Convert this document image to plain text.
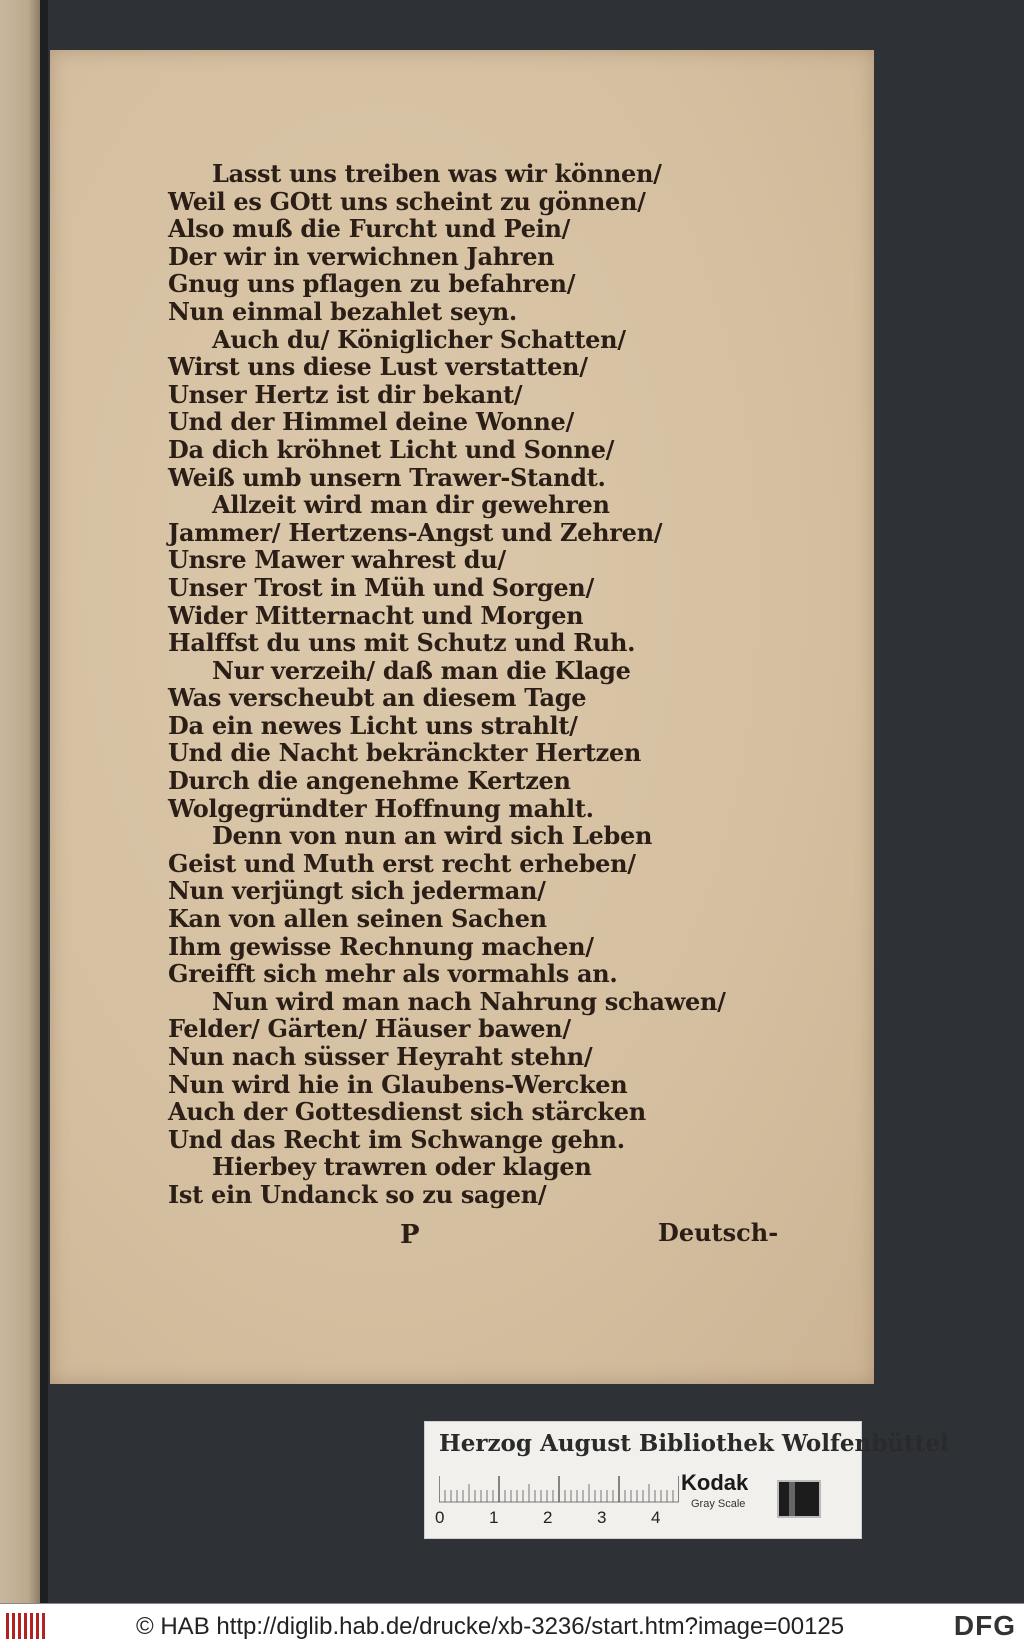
Lasst uns treiben was wir können/
Weil es GOtt uns scheint zu gönnen/
Also muß die Furcht und Pein/
Der wir in verwichnen Jahren
Gnug uns pflagen zu befahren/
Nun einmal bezahlet seyn.
Auch du/ Königlicher Schatten/
Wirst uns diese Lust verstatten/
Unser Hertz ist dir bekant/
Und der Himmel deine Wonne/
Da dich kröhnet Licht und Sonne/
Weiß umb unsern Trawer-Standt.
Allzeit wird man dir gewehren
Jammer/ Hertzens-Angst und Zehren/
Unsre Mawer wahrest du/
Unser Trost in Müh und Sorgen/
Wider Mitternacht und Morgen
Halffst du uns mit Schutz und Ruh.
Nur verzeih/ daß man die Klage
Was verscheubt an diesem Tage
Da ein newes Licht uns strahlt/
Und die Nacht bekränckter Hertzen
Durch die angenehme Kertzen
Wolgegründter Hoffnung mahlt.
Denn von nun an wird sich Leben
Geist und Muth erst recht erheben/
Nun verjüngt sich jederman/
Kan von allen seinen Sachen
Ihm gewisse Rechnung machen/
Greifft sich mehr als vormahls an.
Nun wird man nach Nahrung schawen/
Felder/ Gärten/ Häuser bawen/
Nun nach süsser Heyraht stehn/
Nun wird hie in Glaubens-Wercken
Auch der Gottesdienst sich stärcken
Und das Recht im Schwange gehn.
Hierbey trawren oder klagen
Ist ein Undanck so zu sagen/
P	Deutsch-
Herzog August Bibliothek Wolfenbüttel
0	1	2	3	4
Kodak
Gray Scale
© HAB http://diglib.hab.de/drucke/xb-3236/start.htm?image=00125	DFG
